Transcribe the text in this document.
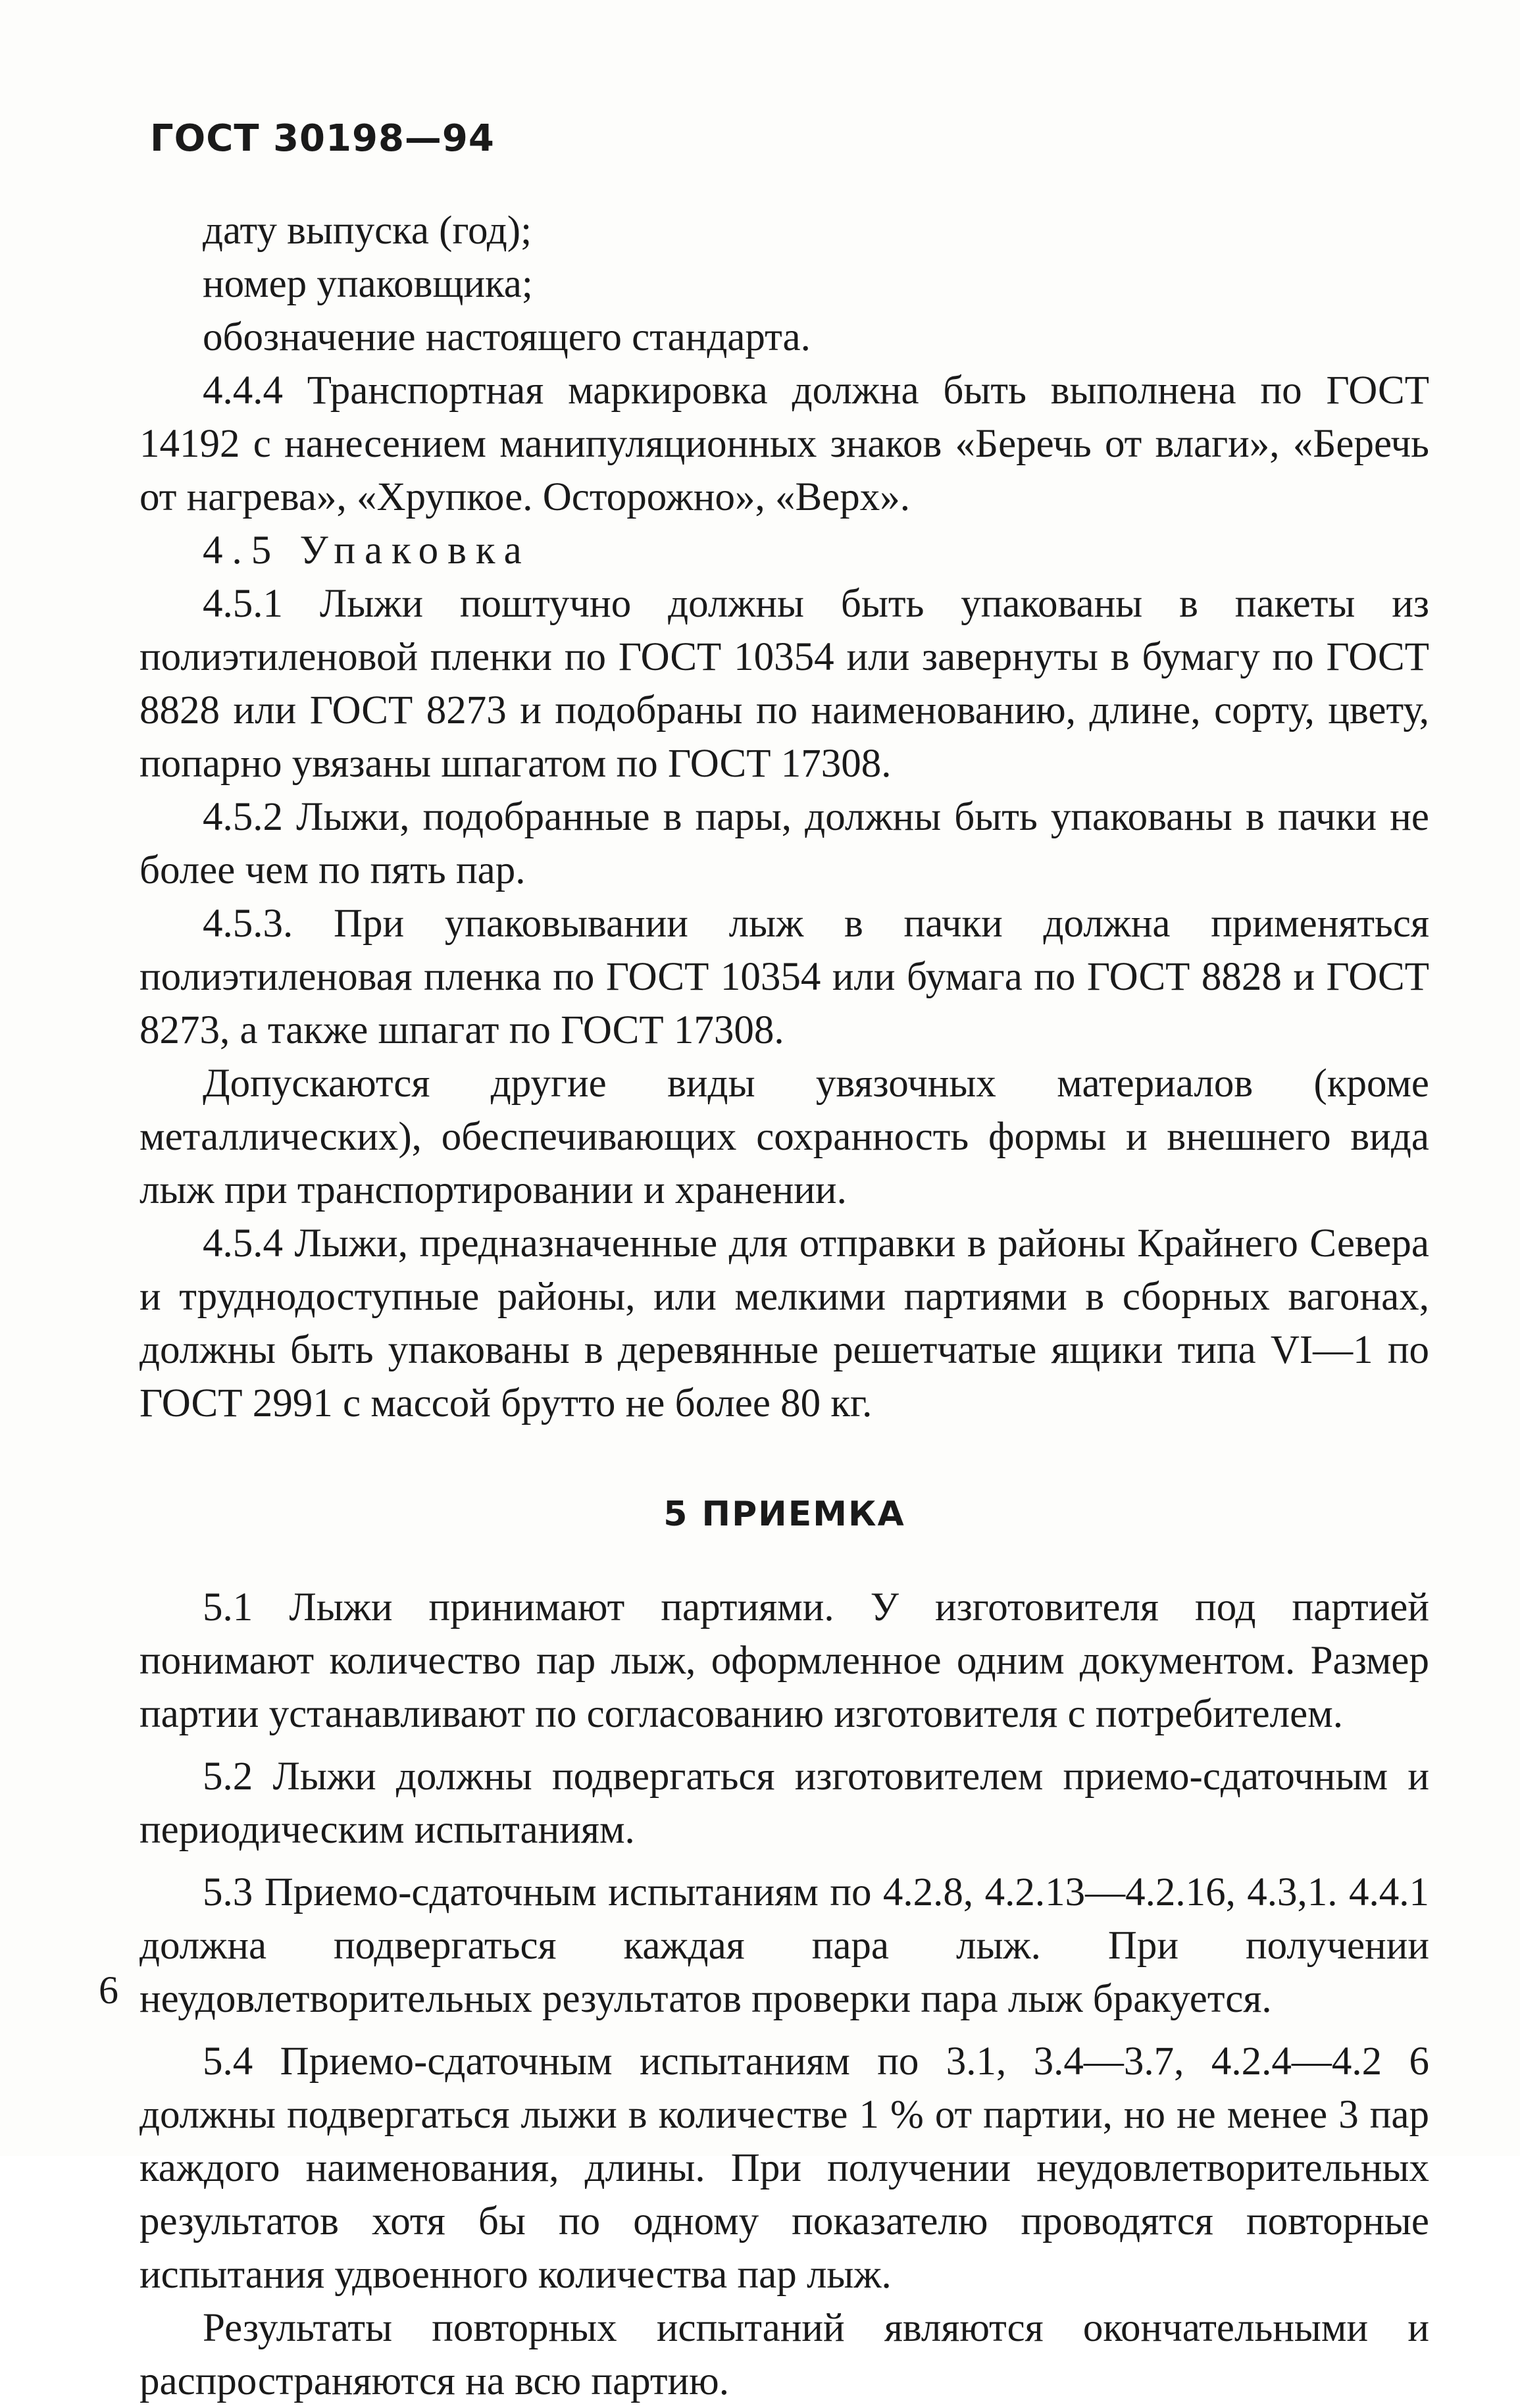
ГОСТ 30198—94

дату выпуска (год);

номер упаковщика;

обозначение настоящего стандарта.

4.4.4 Транспортная маркировка должна быть выполнена по ГОСТ 14192 с нанесением манипуляционных знаков «Беречь от влаги», «Беречь от нагрева», «Хрупкое. Осторожно», «Верх».

4.5 Упаковка

4.5.1 Лыжи поштучно должны быть упакованы в пакеты из полиэтиленовой пленки по ГОСТ 10354 или завернуты в бумагу по ГОСТ 8828 или ГОСТ 8273 и подобраны по наименованию, длине, сорту, цвету, попарно увязаны шпагатом по ГОСТ 17308.

4.5.2 Лыжи, подобранные в пары, должны быть упакованы в пачки не более чем по пять пар.

4.5.3. При упаковывании лыж в пачки должна применяться полиэтиленовая пленка по ГОСТ 10354 или бумага по ГОСТ 8828 и ГОСТ 8273, а также шпагат по ГОСТ 17308.

Допускаются другие виды увязочных материалов (кроме металлических), обеспечивающих сохранность формы и внешнего вида лыж при транспортировании и хранении.

4.5.4 Лыжи, предназначенные для отправки в районы Крайнего Севера и труднодоступные районы, или мелкими партиями в сборных вагонах, должны быть упакованы в деревянные решетчатые ящики типа VI—1 по ГОСТ 2991 с массой брутто не более 80 кг.

5 ПРИЕМКА

5.1 Лыжи принимают партиями. У изготовителя под партией понимают количество пар лыж, оформленное одним документом. Размер партии устанавливают по согласованию изготовителя с потребителем.

5.2 Лыжи должны подвергаться изготовителем приемо-сдаточным и периодическим испытаниям.

5.3 Приемо-сдаточным испытаниям по 4.2.8, 4.2.13—4.2.16, 4.3,1. 4.4.1 должна подвергаться каждая пара лыж. При получении неудовлетворительных результатов проверки пара лыж бракуется.

5.4 Приемо-сдаточным испытаниям по 3.1, 3.4—3.7, 4.2.4—4.2 6 должны подвергаться лыжи в количестве 1 % от партии, но не менее 3 пар каждого наименования, длины. При получении неудовлетворительных результатов хотя бы по одному показателю проводятся повторные испытания удвоенного количества пар лыж.

Результаты повторных испытаний являются окончательными и распространяются на всю партию.

6
